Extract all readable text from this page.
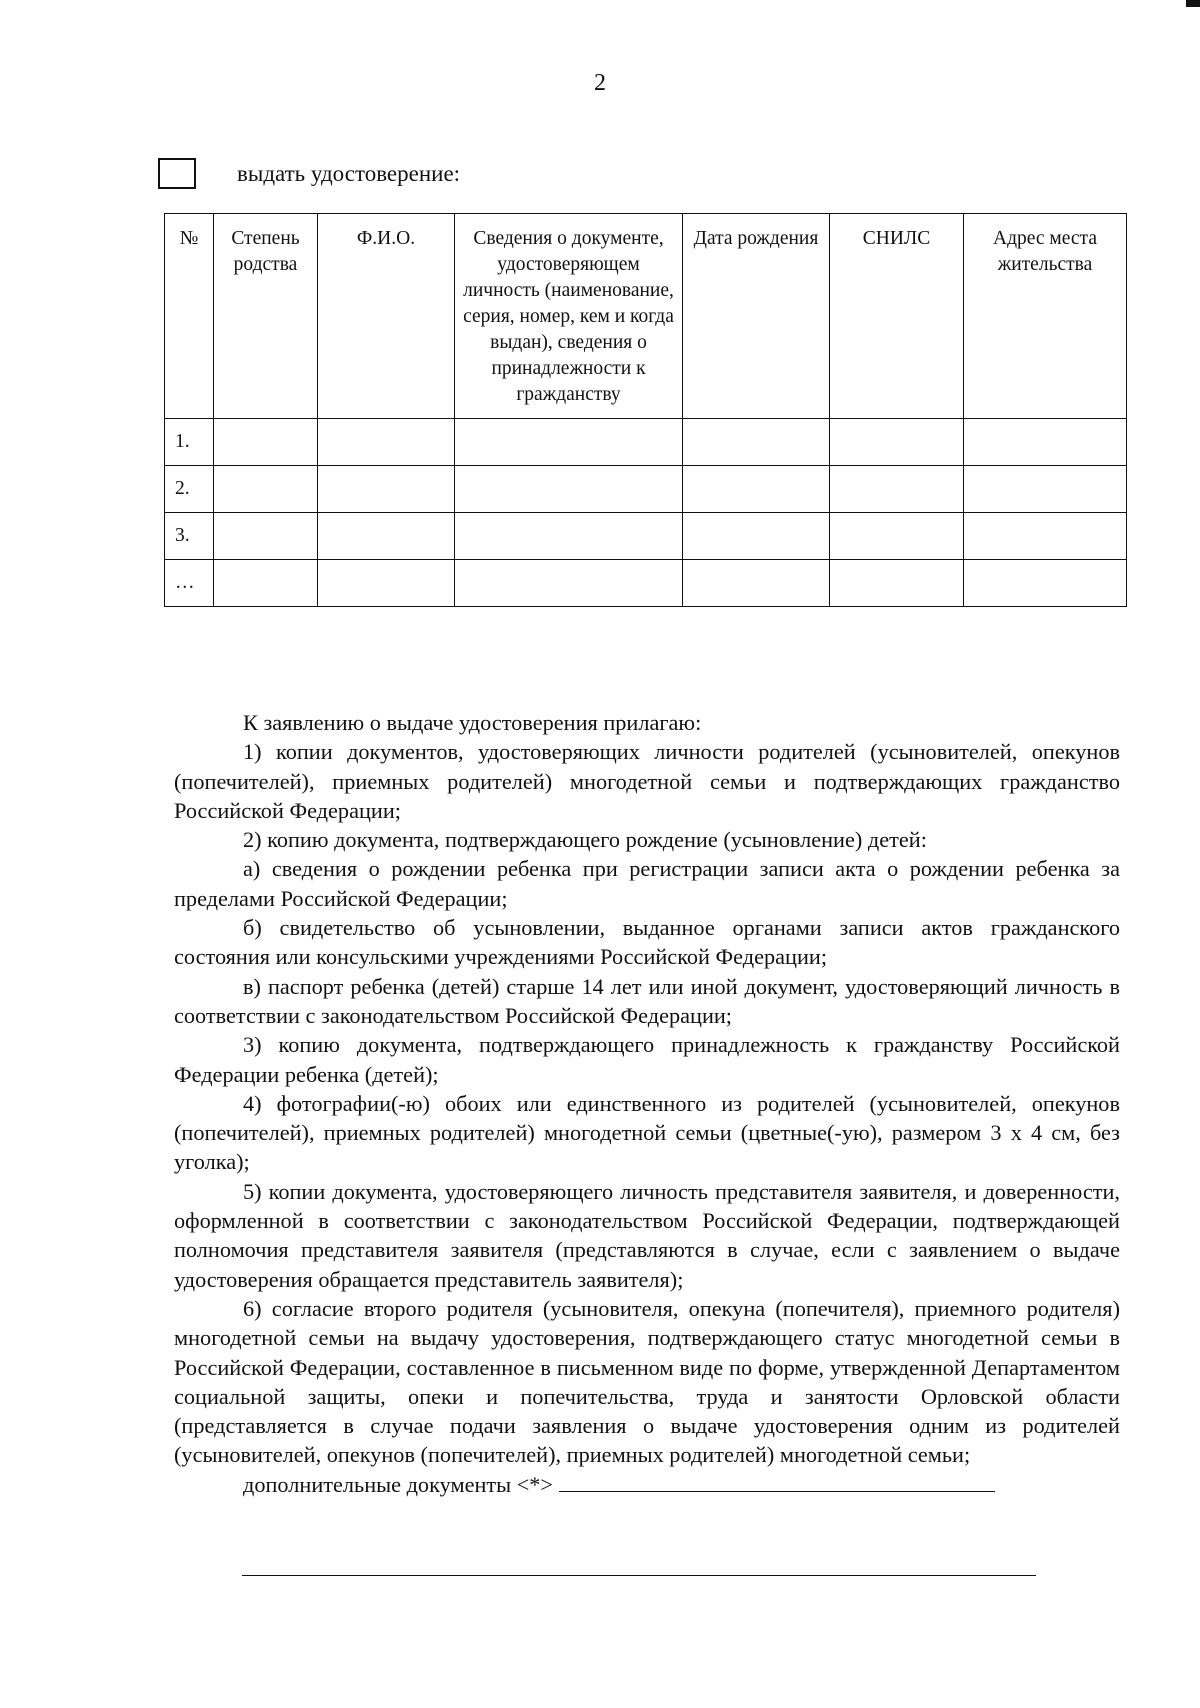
2
выдать удостоверение:
№	Степень родства	Ф.И.О.	Сведения о документе, удостоверяющем личность (наименование, серия, номер, кем и когда выдан), сведения о принадлежности к гражданству	Дата рождения	СНИЛС	Адрес места жительства
1.						
2.						
3.						
…						

К заявлению о выдаче удостоверения прилагаю:

1) копии документов, удостоверяющих личности родителей (усыновителей, опекунов (попечителей), приемных родителей) многодетной семьи и подтверждающих гражданство Российской Федерации;

2) копию документа, подтверждающего рождение (усыновление) детей:

а) сведения о рождении ребенка при регистрации записи акта о рождении ребенка за пределами Российской Федерации;

б) свидетельство об усыновлении, выданное органами записи актов гражданского состояния или консульскими учреждениями Российской Федерации;

в) паспорт ребенка (детей) старше 14 лет или иной документ, удостоверяющий личность в соответствии с законодательством Российской Федерации;

3) копию документа, подтверждающего принадлежность к гражданству Российской Федерации ребенка (детей);

4) фотографии(-ю) обоих или единственного из родителей (усыновителей, опекунов (попечителей), приемных родителей) многодетной семьи (цветные(-ую), размером 3 х 4 см, без уголка);

5) копии документа, удостоверяющего личность представителя заявителя, и доверенности, оформленной в соответствии с законодательством Российской Федерации, подтверждающей полномочия представителя заявителя (представляются в случае, если с заявлением о выдаче удостоверения обращается представитель заявителя);

6) согласие второго родителя (усыновителя, опекуна (попечителя), приемного родителя) многодетной семьи на выдачу удостоверения, подтверждающего статус многодетной семьи в Российской Федерации, составленное в письменном виде по форме, утвержденной Департаментом социальной защиты, опеки и попечительства, труда и занятости Орловской области (представляется в случае подачи заявления о выдаче удостоверения одним из родителей (усыновителей, опекунов (попечителей), приемных родителей) многодетной семьи;

дополнительные документы <*>
